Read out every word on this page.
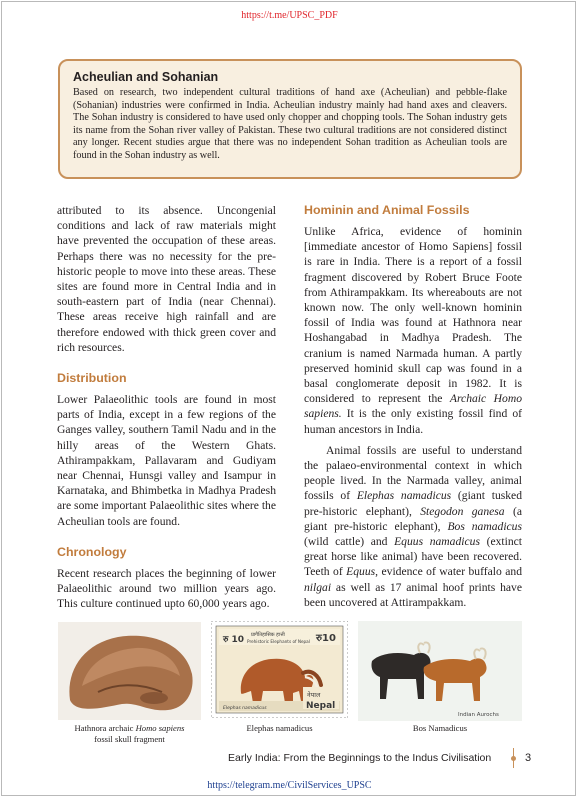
https://t.me/UPSC_PDF

Acheulian and Sohanian

Based on research, two independent cultural traditions of hand axe (Acheulian) and pebble-flake (Sohanian) industries were confirmed in India. Acheulian industry mainly had hand axes and cleavers. The Sohan industry is considered to have used only chopper and chopping tools. The Sohan industry gets its name from the Sohan river valley of Pakistan. These two cultural traditions are not considered distinct any longer. Recent studies argue that there was no independent Sohan tradition as Acheulian tools are found in the Sohan industry as well.

attributed to its absence. Uncongenial conditions and lack of raw materials might have prevented the occupation of these areas. Perhaps there was no necessity for the pre-historic people to move into these areas. These sites are found more in Central India and in south-eastern part of India (near Chennai). These areas receive high rainfall and are therefore endowed with thick green cover and rich resources.

Distribution

Lower Palaeolithic tools are found in most parts of India, except in a few regions of the Ganges valley, southern Tamil Nadu and in the hilly areas of the Western Ghats. Athirampakkam, Pallavaram and Gudiyam near Chennai, Hunsgi valley and Isampur in Karnataka, and Bhimbetka in Madhya Pradesh are some important Palaeolithic sites where the Acheulian tools are found.

Chronology

Recent research places the beginning of lower Palaeolithic around two million years ago. This culture continued upto 60,000 years ago.

Hominin and Animal Fossils

Unlike Africa, evidence of hominin [immediate ancestor of Homo Sapiens] fossil is rare in India. There is a report of a fossil fragment discovered by Robert Bruce Foote from Athirampakkam. Its whereabouts are not known now. The only well-known hominin fossil of India was found at Hathnora near Hoshangabad in Madhya Pradesh. The cranium is named Narmada human. A partly preserved hominid skull cap was found in a basal conglomerate deposit in 1982. It is considered to represent the Archaic Homo sapiens. It is the only existing fossil find of human ancestors in India.

Animal fossils are useful to understand the palaeo-environmental context in which people lived. In the Narmada valley, animal fossils of Elephas namadicus (giant tusked pre-historic elephant), Stegodon ganesa (a giant pre-historic elephant), Bos namadicus (wild cattle) and Equus namadicus (extinct great horse like animal) have been recovered. Teeth of Equus, evidence of water buffalo and nilgai as well as 17 animal hoof prints have been uncovered at Attirampakkam.

Hathnora archaic Homo sapiens
fossil skull fragment
रु 10 प्रागैतिहासिक हात्ती
Prehistoric Elephants of Nepal रु10
नेपाल
Nepal
Elephas namadicus
Elephas namadicus
Indian Aurochs
Bos Namadicus
Early India: From the Beginnings to the Indus Civilisation	3
https://telegram.me/CivilServices_UPSC
